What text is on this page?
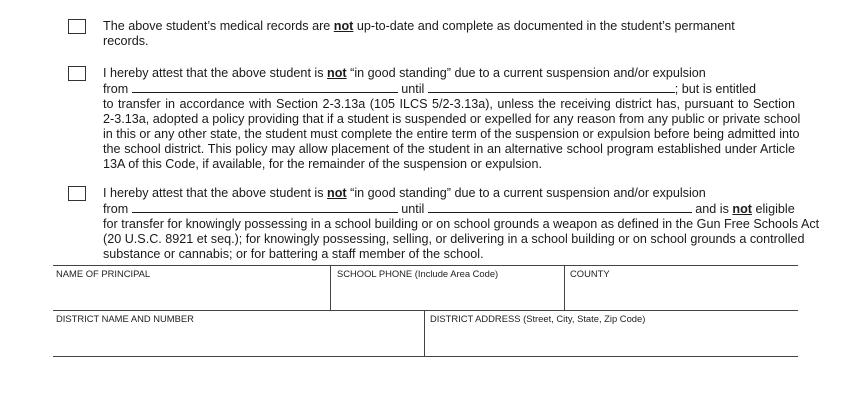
The above student’s medical records are not up-to-date and complete as documented in the student’s permanent
records.
I hereby attest that the above student is not “in good standing” due to a current suspension and/or expulsion
from	until	; but is entitled
to transfer in accordance with Section 2-3.13a (105 ILCS 5/2-3.13a), unless the receiving district has, pursuant to Section
2-3.13a, adopted a policy providing that if a student is suspended or expelled for any reason from any public or private school
in this or any other state, the student must complete the entire term of the suspension or expulsion before being admitted into
the school district. This policy may allow placement of the student in an alternative school program established under Article
13A of this Code, if available, for the remainder of the suspension or expulsion.
I hereby attest that the above student is not “in good standing” due to a current suspension and/or expulsion
from	until	and is not eligible
for transfer for knowingly possessing in a school building or on school grounds a weapon as defined in the Gun Free Schools Act
(20 U.S.C. 8921 et seq.); for knowingly possessing, selling, or delivering in a school building or on school grounds a controlled
substance or cannabis; or for battering a staff member of the school.
NAME OF PRINCIPAL	SCHOOL PHONE (Include Area Code)	COUNTY
DISTRICT NAME AND NUMBER	DISTRICT ADDRESS (Street, City, State, Zip Code)
